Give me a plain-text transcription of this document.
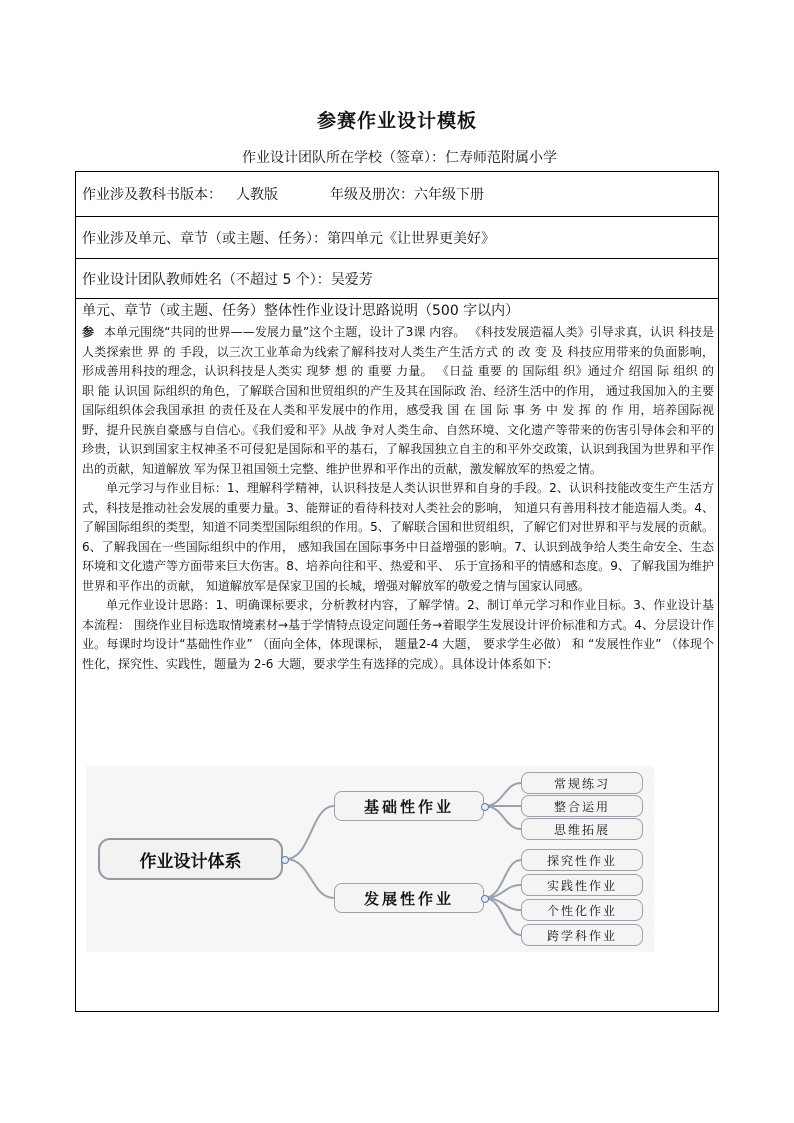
参赛作业设计模板
作业设计团队所在学校（签章）：仁寿师范附属小学
作业涉及教科书版本： 人教版	年级及册次： 六年级下册
作业涉及单元、章节（或主题、任务）： 第四单元《让世界更美好》
作业设计团队教师姓名（不超过 5 个）： 吴爱芳
单元、章节（或主题、任务）整体性作业设计思路说明（500 字以内）

参 本单元围绕“共同的世界——发展力量”这个主题，设计了3课 内容。 《科技发展造福人类》引导求真，认识 科技是人类探索世 界 的 手段，以三次工业革命为线索了解科技对人类生产生活方式 的 改 变 及 科技应用带来的负面影响， 形成善用科技的理念，认识科技是人类实 现梦 想 的 重要 力量。 《日益 重要 的 国际组 织》通过介 绍国 际 组织 的 职 能 认识国 际组织的角色，了解联合国和世贸组织的产生及其在国际政 治、经济生活中的作用， 通过我国加入的主要国际组织体会我国承担 的责任及在人类和平发展中的作用，感受我 国 在 国 际 事 务 中 发 挥 的 作 用，培养国际视野，提升民族自豪感与自信心。《我们爱和平》从战 争对人类生命、自然环境、文化遗产等带来的伤害引导体会和平的珍贵，认识到国家主权神圣不可侵犯是国际和平的基石，了解我国独立自主的和平外交政策，认识到我国为世界和平作出的贡献，知道解放 军为保卫祖国领土完整、维护世界和平作出的贡献，激发解放军的热爱之情。

单元学习与作业目标：1、理解科学精神，认识科技是人类认识世界和自身的手段。2、认识科技能改变生产生活方式，科技是推动社会发展的重要力量。3、能辩证的看待科技对人类社会的影响， 知道只有善用科技才能造福人类。4、了解国际组织的类型，知道不同类型国际组织的作用。5、了解联合国和世贸组织，了解它们对世界和平与发展的贡献。6、了解我国在一些国际组织中的作用， 感知我国在国际事务中日益增强的影响。7、认识到战争给人类生命安全、生态环境和文化遗产等方面带来巨大伤害。8、培养向往和平、热爱和平、 乐于宣扬和平的情感和态度。9、了解我国为维护世界和平作出的贡献， 知道解放军是保家卫国的长城，增强对解放军的敬爱之情与国家认同感。

单元作业设计思路：1、明确课标要求，分析教材内容，了解学情。2、制订单元学习和作业目标。3、作业设计基本流程： 围绕作业目标选取情境素材→基于学情特点设定问题任务→着眼学生发展设计评价标准和方式。4、分层设计作业。每课时均设计“基础性作业” （面向全体，体现课标， 题量2-4 大题， 要求学生必做） 和 “发展性作业” （体现个性化，探究性、实践性，题量为 2-6 大题，要求学生有选择的完成）。具体设计体系如下:

作业设计体系
基础性作业
发展性作业
常规练习
整合运用
思维拓展
探究性作业
实践性作业
个性化作业
跨学科作业
